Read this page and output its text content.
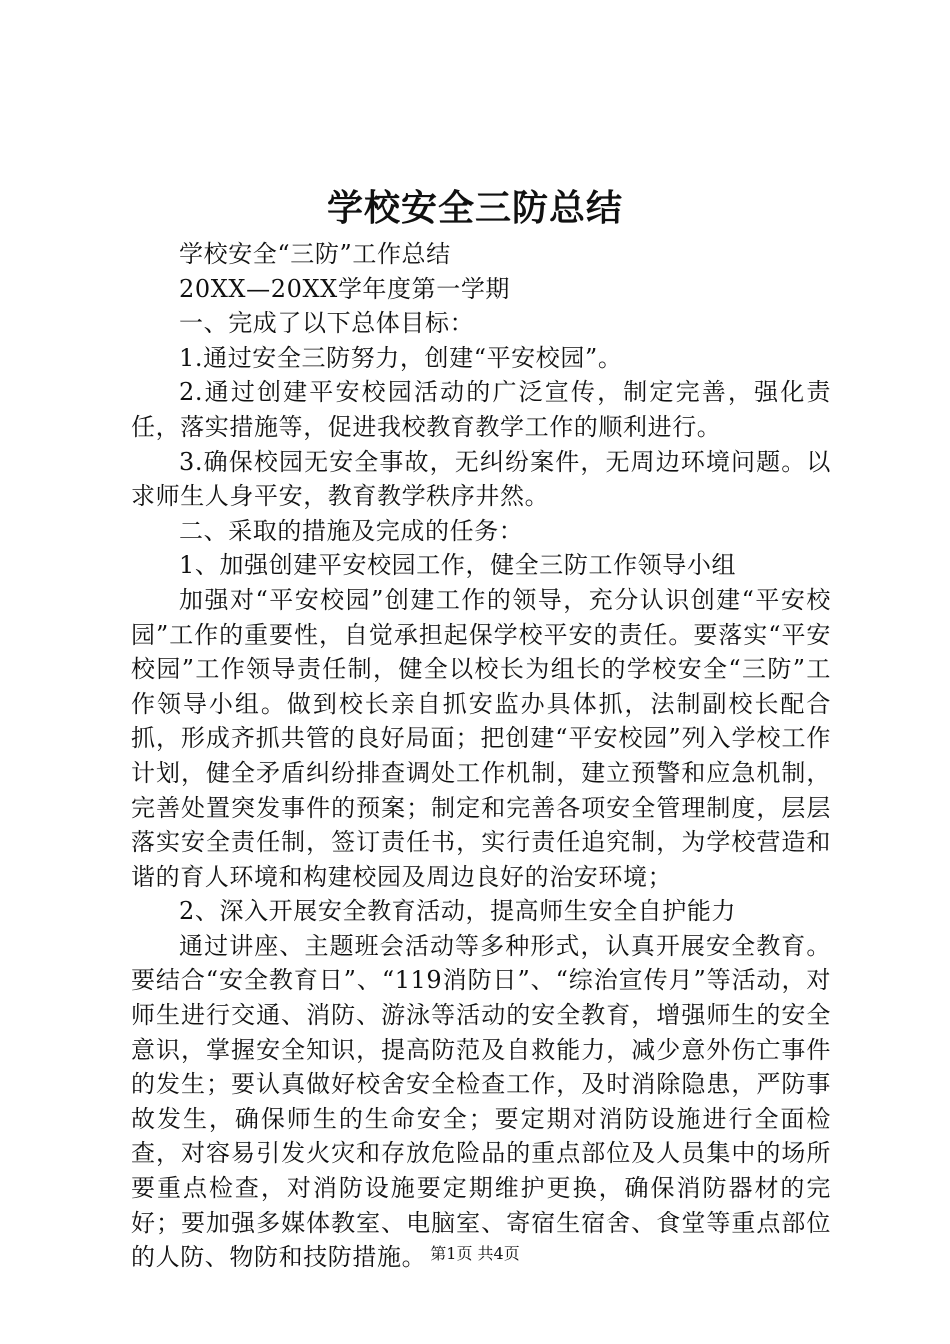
学校安全三防总结

学校安全“三防”工作总结

20XX—20XX学年度第一学期

一、完成了以下总体目标：

1.通过安全三防努力，创建“平安校园”。

2.通过创建平安校园活动的广泛宣传，制定完善，强化责任，落实措施等，促进我校教育教学工作的顺利进行。

3.确保校园无安全事故，无纠纷案件，无周边环境问题。以求师生人身平安，教育教学秩序井然。

二、采取的措施及完成的任务：

1、加强创建平安校园工作，健全三防工作领导小组

加强对“平安校园”创建工作的领导，充分认识创建“平安校园”工作的重要性，自觉承担起保学校平安的责任。要落实“平安校园”工作领导责任制，健全以校长为组长的学校安全“三防”工作领导小组。做到校长亲自抓安监办具体抓，法制副校长配合抓，形成齐抓共管的良好局面；把创建“平安校园”列入学校工作计划，健全矛盾纠纷排查调处工作机制，建立预警和应急机制，完善处置突发事件的预案；制定和完善各项安全管理制度，层层落实安全责任制，签订责任书，实行责任追究制，为学校营造和谐的育人环境和构建校园及周边良好的治安环境；

2、深入开展安全教育活动，提高师生安全自护能力

通过讲座、主题班会活动等多种形式，认真开展安全教育。要结合“安全教育日”、“119消防日”、“综治宣传月”等活动，对师生进行交通、消防、游泳等活动的安全教育，增强师生的安全意识，掌握安全知识，提高防范及自救能力，减少意外伤亡事件的发生；要认真做好校舍安全检查工作，及时消除隐患，严防事故发生，确保师生的生命安全；要定期对消防设施进行全面检查，对容易引发火灾和存放危险品的重点部位及人员集中的场所要重点检查，对消防设施要定期维护更换，确保消防器材的完好；要加强多媒体教室、电脑室、寄宿生宿舍、食堂等重点部位的人防、物防和技防措施。 第1页 共4页
